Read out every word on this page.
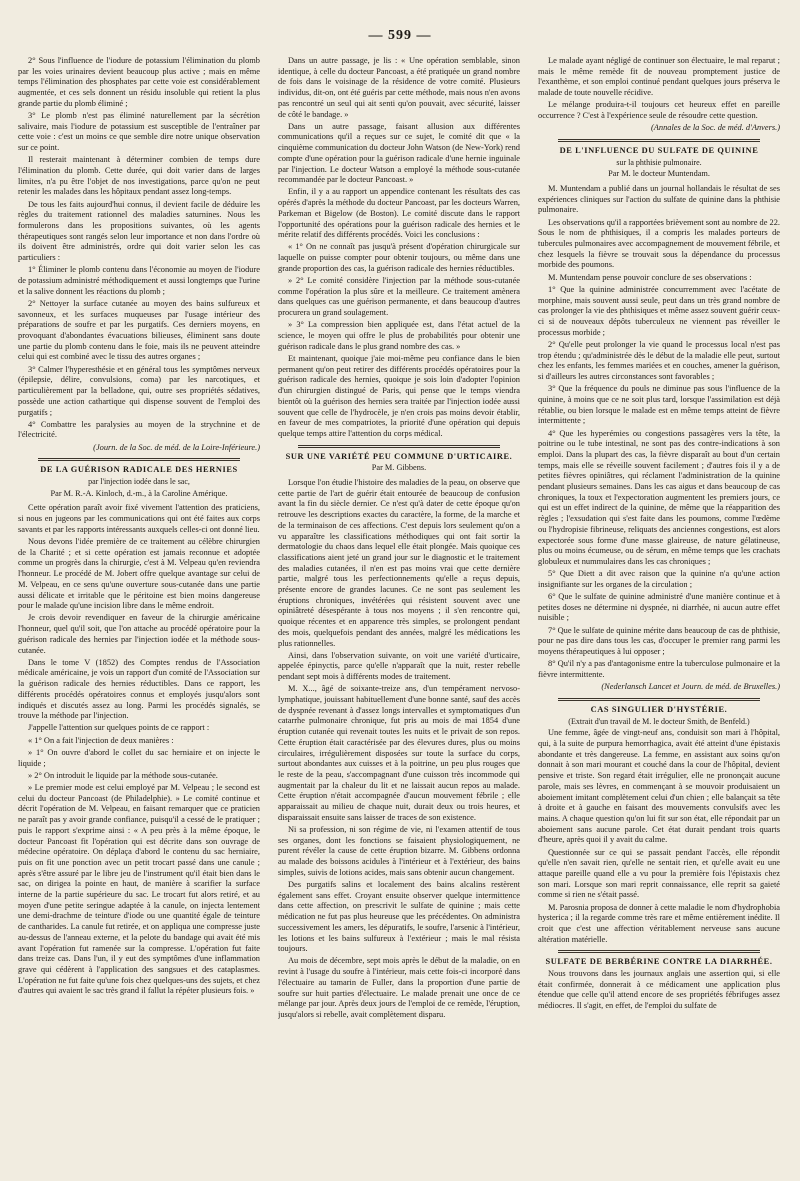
— 599 —

2° Sous l'influence de l'iodure de potassium l'élimination du plomb par les voies urinaires devient beaucoup plus active ; mais en même temps l'élimination des phosphates par cette voie est considérablement augmentée, et ces sels donnent un résidu insoluble qui retient la plus grande partie du plomb éliminé ;

3° Le plomb n'est pas éliminé naturellement par la sécrétion salivaire, mais l'iodure de potassium est susceptible de l'entraîner par cette voie : c'est un moins ce que semble dire notre unique observation sur ce point.

Il resterait maintenant à déterminer combien de temps dure l'élimination du plomb. Cette durée, qui doit varier dans de larges limites, n'a pu être l'objet de nos investigations, parce qu'on ne peut retenir les malades dans les hôpitaux pendant assez long-temps.

De tous les faits aujourd'hui connus, il devient facile de déduire les règles du traitement rationnel des maladies saturnines. Nous les formulerons dans les propositions suivantes, où les agents thérapeutiques sont rangés selon leur importance et non dans l'ordre où ils doivent être administrés, ordre qui doit varier selon les cas particuliers :

1° Éliminer le plomb contenu dans l'économie au moyen de l'iodure de potassium administré méthodiquement et aussi longtemps que l'urine et la salive donnent les réactions du plomb ;

2° Nettoyer la surface cutanée au moyen des bains sulfureux et savonneux, et les surfaces muqueuses par l'usage intérieur des préparations de soufre et par les purgatifs. Ces derniers moyens, en provoquant d'abondantes évacuations bilieuses, éliminent sans doute une partie du plomb contenu dans le foie, mais ils ne peuvent atteindre celui qui est combiné avec le tissu des autres organes ;

3° Calmer l'hyperesthésie et en général tous les symptômes nerveux (épilepsie, délire, convulsions, coma) par les narcotiques, et particulièrement par la belladone, qui, outre ses propriétés sédatives, possède une action cathartique qui dispense souvent de l'emploi des purgatifs ;

4° Combattre les paralysies au moyen de la strychnine et de l'électricité.

(Journ. de la Soc. de méd. de la Loire-Inférieure.)

DE LA GUÉRISON RADICALE DES HERNIES
par l'injection iodée dans le sac,
Par M. R.-A. Kinloch, d.-m., à la Caroline Amérique.

Cette opération paraît avoir fixé vivement l'attention des praticiens, si nous en jugeons par les communications qui ont été faites aux corps savants et par les rapports intéressants auxquels celles-ci ont donné lieu.

Nous devons l'idée première de ce traitement au célèbre chirurgien de la Charité ; et si cette opération est jamais reconnue et adoptée comme un progrès dans la chirurgie, c'est à M. Velpeau qu'en reviendra l'honneur. Le procédé de M. Jobert offre quelque avantage sur celui de M. Velpeau, en ce sens qu'une ouverture sous-cutanée dans une partie aussi délicate et irritable que le péritoine est bien moins dangereuse pour le malade qu'une incision libre dans le même endroit.

Je crois devoir revendiquer en faveur de la chirurgie américaine l'honneur, quel qu'il soit, que l'on attache au procédé opératoire pour la guérison radicale des hernies par l'injection iodée et la méthode sous-cutanée.

Dans le tome V (1852) des Comptes rendus de l'Association médicale américaine, je vois un rapport d'un comité de l'Association sur la guérison radicale des hernies réductibles. Dans ce rapport, les différents procédés opératoires connus et employés jusqu'alors sont indiqués et discutés assez au long. Parmi les procédés signalés, se trouve la méthode par l'injection.

J'appelle l'attention sur quelques points de ce rapport :

« 1° On a fait l'injection de deux manières :

» 1° On ouvre d'abord le collet du sac herniaire et on injecte le liquide ;

» 2° On introduit le liquide par la méthode sous-cutanée.

» Le premier mode est celui employé par M. Velpeau ; le second est celui du docteur Pancoast (de Philadelphie). » Le comité continue et décrit l'opération de M. Velpeau, en faisant remarquer que ce praticien ne paraît pas y avoir grande confiance, puisqu'il a cessé de le pratiquer ; puis le rapport s'exprime ainsi : « A peu près à la même époque, le docteur Pancoast fit l'opération qui est décrite dans son ouvrage de médecine opératoire. On déplaça d'abord le contenu du sac herniaire, puis on fit une ponction avec un petit trocart passé dans une canule ; après s'être assuré par le libre jeu de l'instrument qu'il était bien dans le sac, on dirigea la pointe en haut, de manière à scarifier la surface interne de la partie supérieure du sac. Le trocart fut alors retiré, et au moyen d'une petite seringue adaptée à la canule, on injecta lentement une demi-drachme de teinture d'iode ou une quantité égale de teinture de cantharides. La canule fut retirée, et on appliqua une compresse juste au-dessus de l'anneau externe, et la pelote du bandage qui avait été mis avant l'opération fut ramenée sur la compresse. L'opération fut faite dans treize cas. Dans l'un, il y eut des symptômes d'une inflammation grave qui cédèrent à l'application des sangsues et des cataplasmes. L'opération ne fut faite qu'une fois chez quelques-uns des sujets, et chez d'autres qui avaient le sac très grand il fallut la répéter plusieurs fois. »

Dans un autre passage, je lis : « Une opération semblable, sinon identique, à celle du docteur Pancoast, a été pratiquée un grand nombre de fois dans le voisinage de la résidence de votre comité. Plusieurs individus, dit-on, ont été guéris par cette méthode, mais nous n'en avons pas rencontré un seul qui ait senti qu'on pouvait, avec sécurité, laisser de côté le bandage. »

Dans un autre passage, faisant allusion aux différentes communications qu'il a reçues sur ce sujet, le comité dit que « la cinquième communication du docteur John Watson (de New-York) rend compte d'une opération pour la guérison radicale d'une hernie inguinale par l'injection. Le docteur Watson a employé la méthode sous-cutanée recommandée par le docteur Pancoast. »

Enfin, il y a au rapport un appendice contenant les résultats des cas opérés d'après la méthode du docteur Pancoast, par les docteurs Warren, Parkeman et Bigelow (de Boston). Le comité discute dans le rapport l'opportunité des opérations pour la guérison radicale des hernies et le mérite relatif des différents procédés. Voici les conclusions :

« 1° On ne connaît pas jusqu'à présent d'opération chirurgicale sur laquelle on puisse compter pour obtenir toujours, ou même dans une grande proportion des cas, la guérison radicale des hernies réductibles.

» 2° Le comité considère l'injection par la méthode sous-cutanée comme l'opération la plus sûre et la meilleure. Ce traitement amènera dans quelques cas une guérison permanente, et dans beaucoup d'autres procurera un grand soulagement.

» 3° La compression bien appliquée est, dans l'état actuel de la science, le moyen qui offre le plus de probabilités pour obtenir une guérison radicale dans le plus grand nombre des cas. »

Et maintenant, quoique j'aie moi-même peu confiance dans le bien permanent qu'on peut retirer des différents procédés opératoires pour la guérison radicale des hernies, quoique je sois loin d'adopter l'opinion d'un chirurgien distingué de Paris, qui pense que le temps viendra bientôt où la guérison des hernies sera traitée par l'injection iodée aussi souvent que celle de l'hydrocèle, je n'en crois pas moins devoir établir, en faveur de mes compatriotes, la priorité d'une opération qui depuis quelque temps attire l'attention du corps médical.

SUR UNE VARIÉTÉ PEU COMMUNE D'URTICAIRE.
Par M. Gibbens.

Lorsque l'on étudie l'histoire des maladies de la peau, on observe que cette partie de l'art de guérir était entourée de beaucoup de confusion avant la fin du siècle dernier. Ce n'est qu'à dater de cette époque qu'on retrouve les descriptions exactes du caractère, la forme, de la marche et de la terminaison de ces affections. C'est depuis lors seulement qu'on a vu apparaître les classifications méthodiques qui ont fait sortir la dermatologie du chaos dans lequel elle était plongée. Mais quoique ces classifications aient jeté un grand jour sur le diagnostic et le traitement des maladies cutanées, il n'en est pas moins vrai que cette dernière partie, malgré tous les perfectionnements qu'elle a reçus depuis, présente encore de grandes lacunes. Ce ne sont pas seulement les éruptions chroniques, invétérées qui résistent souvent avec une opiniâtreté désespérante à tous nos moyens ; il s'en rencontre qui, quoique récentes et en apparence très simples, se prolongent pendant des mois, quelquefois pendant des années, malgré les médications les plus rationnelles.

Ainsi, dans l'observation suivante, on voit une variété d'urticaire, appelée épinyctis, parce qu'elle n'apparaît que la nuit, rester rebelle pendant sept mois à différents modes de traitement.

M. X..., âgé de soixante-treize ans, d'un tempérament nervoso-lymphatique, jouissant habituellement d'une bonne santé, sauf des accès de dyspnée revenant à d'assez longs intervalles et symptomatiques d'un catarrhe pulmonaire chronique, fut pris au mois de mai 1854 d'une éruption cutanée qui revenait toutes les nuits et le privait de son repos. Cette éruption était caractérisée par des élevures dures, plus ou moins circulaires, irrégulièrement disposées sur toute la surface du corps, surtout abondantes aux cuisses et à la poitrine, un peu plus rouges que le reste de la peau, s'accompagnant d'une cuisson très incommode qui augmentait par la chaleur du lit et ne laissait aucun repos au malade. Cette éruption n'était accompagnée d'aucun mouvement fébrile ; elle apparaissait au milieu de chaque nuit, durait deux ou trois heures, et disparaissait ensuite sans laisser de traces de son existence.

Ni sa profession, ni son régime de vie, ni l'examen attentif de tous ses organes, dont les fonctions se faisaient physiologiquement, ne purent révéler la cause de cette éruption bizarre. M. Gibbens ordonna au malade des boissons acidules à l'intérieur et à l'extérieur, des bains simples, suivis de lotions acides, mais sans obtenir aucun changement.

Des purgatifs salins et localement des bains alcalins restèrent également sans effet. Croyant ensuite observer quelque intermittence dans cette affection, on prescrivit le sulfate de quinine ; mais cette médication ne fut pas plus heureuse que les précédentes. On administra successivement les amers, les dépuratifs, le soufre, l'arsenic à l'intérieur, les lotions et les bains sulfureux à l'extérieur ; mais le mal résista toujours.

Au mois de décembre, sept mois après le début de la maladie, on en revint à l'usage du soufre à l'intérieur, mais cette fois-ci incorporé dans l'électuaire au tamarin de Fuller, dans la proportion d'une partie de soufre sur huit parties d'électuaire. Le malade prenait une once de ce mélange par jour. Après deux jours de l'emploi de ce remède, l'éruption, jusqu'alors si rebelle, avait complètement disparu.

Le malade ayant négligé de continuer son électuaire, le mal reparut ; mais le même remède fit de nouveau promptement justice de l'exanthème, et son emploi continué pendant quelques jours préserva le malade de toute nouvelle récidive.

Le mélange produira-t-il toujours cet heureux effet en pareille occurrence ? C'est à l'expérience seule de résoudre cette question.

(Annales de la Soc. de méd. d'Anvers.)

DE L'INFLUENCE DU SULFATE DE QUININE
sur la phthisie pulmonaire.
Par M. le docteur Muntendam.

M. Muntendam a publié dans un journal hollandais le résultat de ses expériences cliniques sur l'action du sulfate de quinine dans la phthisie pulmonaire.

Les observations qu'il a rapportées brièvement sont au nombre de 22. Sous le nom de phthisiques, il a compris les malades porteurs de tubercules pulmonaires avec accompagnement de mouvement fébrile, et chez lesquels la fièvre se trouvait sous la dépendance du processus morbide des poumons.

M. Muntendam pense pouvoir conclure de ses observations :

1° Que la quinine administrée concurremment avec l'acétate de morphine, mais souvent aussi seule, peut dans un très grand nombre de cas prolonger la vie des phthisiques et même assez souvent guérir ceux-ci si de nouveaux dépôts tuberculeux ne viennent pas réveiller le processus morbide ;

2° Qu'elle peut prolonger la vie quand le processus local n'est pas trop étendu ; qu'administrée dès le début de la maladie elle peut, surtout chez les enfants, les femmes mariées et en couches, amener la guérison, si d'ailleurs les autres circonstances sont favorables ;

3° Que la fréquence du pouls ne diminue pas sous l'influence de la quinine, à moins que ce ne soit plus tard, lorsque l'assimilation est déjà rétablie, ou bien lorsque le malade est en même temps atteint de fièvre intermittente ;

4° Que les hyperémies ou congestions passagères vers la tête, la poitrine ou le tube intestinal, ne sont pas des contre-indications à son emploi. Dans la plupart des cas, la fièvre disparaît au bout d'un certain temps, mais elle se réveille souvent facilement ; d'autres fois il y a de petites fièvres opiniâtres, qui réclament l'administration de la quinine pendant plusieurs semaines. Dans les cas aigus et dans beaucoup de cas chroniques, la toux et l'expectoration augmentent les premiers jours, ce qui est un effet indirect de la quinine, de même que la réapparition des règles ; l'exsudation qui s'est faite dans les poumons, comme l'œdème ou l'hydropisie fibrineuse, reliquats des anciennes congestions, est alors expectorée sous forme d'une masse glaireuse, de nature gélatineuse, plus ou moins écumeuse, ou de sérum, en même temps que les crachats globuleux et nummulaires dans les cas chroniques ;

5° Que Diett a dit avec raison que la quinine n'a qu'une action insignifiante sur les organes de la circulation ;

6° Que le sulfate de quinine administré d'une manière continue et à petites doses ne détermine ni dyspnée, ni diarrhée, ni aucun autre effet nuisible ;

7° Que le sulfate de quinine mérite dans beaucoup de cas de phthisie, pour ne pas dire dans tous les cas, d'occuper le premier rang parmi les moyens thérapeutiques à lui opposer ;

8° Qu'il n'y a pas d'antagonisme entre la tuberculose pulmonaire et la fièvre intermittente.

(Nederlansch Lancet et Journ. de méd. de Bruxelles.)

CAS SINGULIER D'HYSTÉRIE.
(Extrait d'un travail de M. le docteur Smith, de Benfeld.)

Une femme, âgée de vingt-neuf ans, conduisit son mari à l'hôpital, qui, à la suite de purpura hemorrhagica, avait été atteint d'une épistaxis abondante et très dangereuse. La femme, en assistant aux soins qu'on donnait à son mari mourant et couché dans la cour de l'hôpital, devient pensive et triste. Son regard était irrégulier, elle ne prononçait aucune parole, mais ses lèvres, en commençant à se mouvoir produisaient un aboiement imitant complètement celui d'un chien ; elle balançait sa tête à droite et à gauche en faisant des mouvements convulsifs avec les mains. A chaque question qu'on lui fit sur son état, elle répondait par un aboiement sans aucune parole. Cet état durait pendant trois quarts d'heure, après quoi il y avait du calme.

Questionnée sur ce qui se passait pendant l'accès, elle répondit qu'elle n'en savait rien, qu'elle ne sentait rien, et qu'elle avait eu une attaque pareille quand elle a vu pour la première fois l'épistaxis chez son mari. Lorsque son mari reprit connaissance, elle reprit sa gaieté comme si rien ne s'était passé.

M. Parosnia proposa de donner à cette maladie le nom d'hydrophobia hysterica ; il la regarde comme très rare et même entièrement inédite. Il croit que c'est une affection véritablement nerveuse sans aucune altération matérielle.

SULFATE DE BERBÉRINE CONTRE LA DIARRHÉE.

Nous trouvons dans les journaux anglais une assertion qui, si elle était confirmée, donnerait à ce médicament une application plus étendue que celle qu'il attend encore de ses propriétés fébrifuges assez médiocres. Il s'agit, en effet, de l'emploi du sulfate de
